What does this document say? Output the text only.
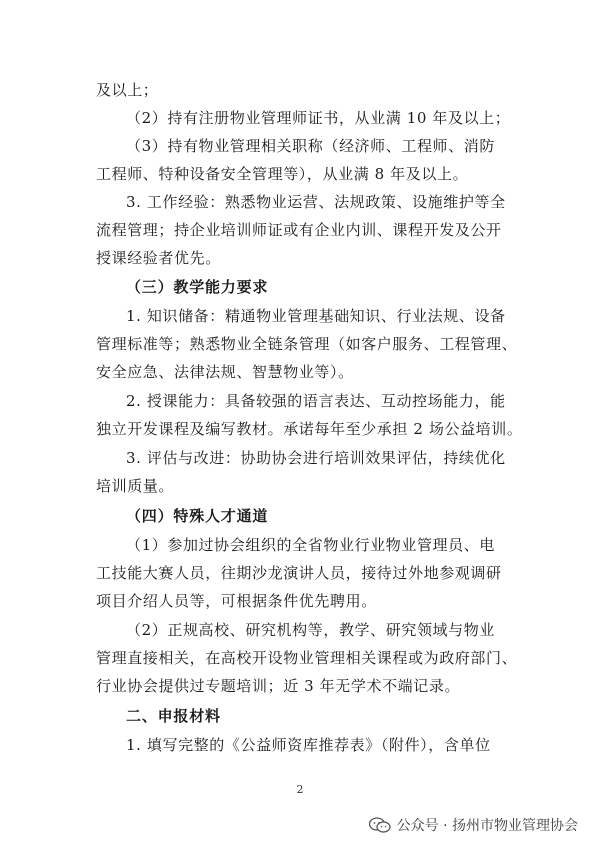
及以上；
（2）持有注册物业管理师证书，从业满 10 年及以上；
（3）持有物业管理相关职称（经济师、工程师、消防
工程师、特种设备安全管理等），从业满 8 年及以上。
3. 工作经验：熟悉物业运营、法规政策、设施维护等全
流程管理；持企业培训师证或有企业内训、课程开发及公开
授课经验者优先。
（三）教学能力要求
1. 知识储备：精通物业管理基础知识、行业法规、设备
管理标准等；熟悉物业全链条管理（如客户服务、工程管理、
安全应急、法律法规、智慧物业等）。
2. 授课能力：具备较强的语言表达、互动控场能力，能
独立开发课程及编写教材。承诺每年至少承担 2 场公益培训。
3. 评估与改进：协助协会进行培训效果评估，持续优化
培训质量。
（四）特殊人才通道
（1）参加过协会组织的全省物业行业物业管理员、电
工技能大赛人员，往期沙龙演讲人员，接待过外地参观调研
项目介绍人员等，可根据条件优先聘用。
（2）正规高校、研究机构等，教学、研究领域与物业
管理直接相关，在高校开设物业管理相关课程或为政府部门、
行业协会提供过专题培训；近 3 年无学术不端记录。
二、申报材料
1. 填写完整的《公益师资库推荐表》（附件），含单位
2
公众号 · 扬州市物业管理协会
